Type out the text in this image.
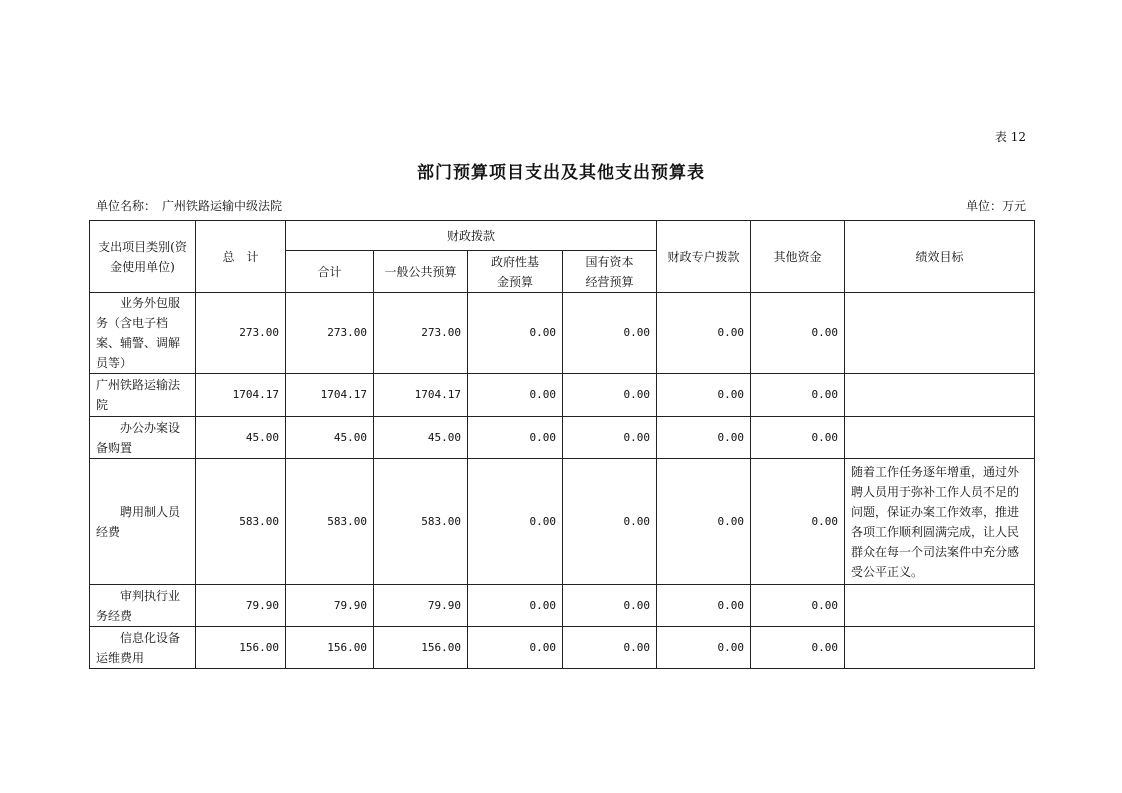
表 12
部门预算项目支出及其他支出预算表
单位名称： 广州铁路运输中级法院	单位：万元
支出项目类别(资金使用单位)	总　计	财政拨款				财政专户拨款	其他资金	绩效目标
		合计	一般公共预算	政府性基金预算	国有资本经营预算			
业务外包服务（含电子档案、辅警、调解员等）	273.00	273.00	273.00	0.00	0.00	0.00	0.00	
广州铁路运输法院	1704.17	1704.17	1704.17	0.00	0.00	0.00	0.00	
办公办案设备购置	45.00	45.00	45.00	0.00	0.00	0.00	0.00	
聘用制人员经费	583.00	583.00	583.00	0.00	0.00	0.00	0.00	随着工作任务逐年增重，通过外聘人员用于弥补工作人员不足的问题，保证办案工作效率，推进各项工作顺利圆满完成，让人民群众在每一个司法案件中充分感受公平正义。
审判执行业务经费	79.90	79.90	79.90	0.00	0.00	0.00	0.00	
信息化设备运维费用	156.00	156.00	156.00	0.00	0.00	0.00	0.00	
